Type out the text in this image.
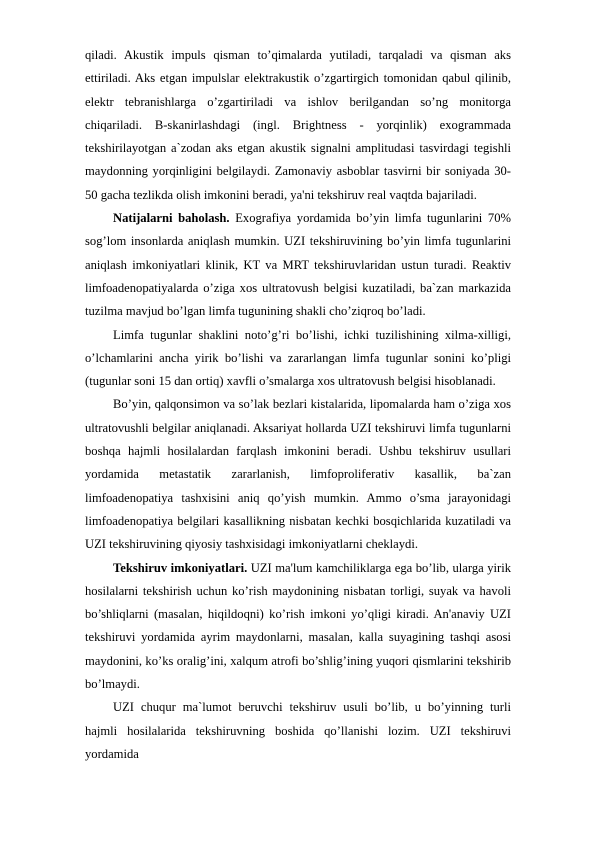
qiladi. Akustik impuls qisman to’qimalarda yutiladi, tarqaladi va qisman aks ettiriladi. Aks etgan impulslar elektrakustik o’zgartirgich tomonidan qabul qilinib, elektr tebranishlarga o’zgartiriladi va ishlov berilgandan so’ng monitorga chiqariladi. B-skanirlashdagi (ingl. Brightness - yorqinlik) exogrammada tekshirilayotgan a`zodan aks etgan akustik signalni amplitudasi tasvirdagi tegishli maydonning yorqinligini belgilaydi. Zamonaviy asboblar tasvirni bir soniyada 30-50 gacha tezlikda olish imkonini beradi, ya'ni tekshiruv real vaqtda bajariladi.

Natijalarni baholash. Exografiya yordamida bo’yin limfa tugunlarini 70% sog’lom insonlarda aniqlash mumkin. UZI tekshiruvining bo’yin limfa tugunlarini aniqlash imkoniyatlari klinik, KT va MRT tekshiruvlaridan ustun turadi. Reaktiv limfoadenopatiyalarda o’ziga xos ultratovush belgisi kuzatiladi, ba`zan markazida tuzilma mavjud bo’lgan limfa tugunining shakli cho’ziqroq bo’ladi.

Limfa tugunlar shaklini noto’g’ri bo’lishi, ichki tuzilishining xilma-xilligi, o’lchamlarini ancha yirik bo’lishi va zararlangan limfa tugunlar sonini ko’pligi (tugunlar soni 15 dan ortiq) xavfli o’smalarga xos ultratovush belgisi hisoblanadi.

Bo’yin, qalqonsimon va so’lak bezlari kistalarida, lipomalarda ham o’ziga xos ultratovushli belgilar aniqlanadi. Aksariyat hollarda UZI tekshiruvi limfa tugunlarni boshqa hajmli hosilalardan farqlash imkonini beradi. Ushbu tekshiruv usullari yordamida metastatik zararlanish, limfoproliferativ kasallik, ba`zan limfoadenopatiya tashxisini aniq qo’yish mumkin. Ammo o’sma jarayonidagi limfoadenopatiya belgilari kasallikning nisbatan kechki bosqichlarida kuzatiladi va UZI tekshiruvining qiyosiy tashxisidagi imkoniyatlarni cheklaydi.

Tekshiruv imkoniyatlari. UZI ma'lum kamchiliklarga ega bo’lib, ularga yirik hosilalarni tekshirish uchun ko’rish maydonining nisbatan torligi, suyak va havoli bo’shliqlarni (masalan, hiqildoqni) ko’rish imkoni yo’qligi kiradi. An'anaviy UZI tekshiruvi yordamida ayrim maydonlarni, masalan, kalla suyagining tashqi asosi maydonini, ko’ks oralig’ini, xalqum atrofi bo’shlig’ining yuqori qismlarini tekshirib bo’lmaydi.

UZI chuqur ma`lumot beruvchi tekshiruv usuli bo’lib, u bo’yinning turli hajmli hosilalarida tekshiruvning boshida qo’llanishi lozim. UZI tekshiruvi yordamida
